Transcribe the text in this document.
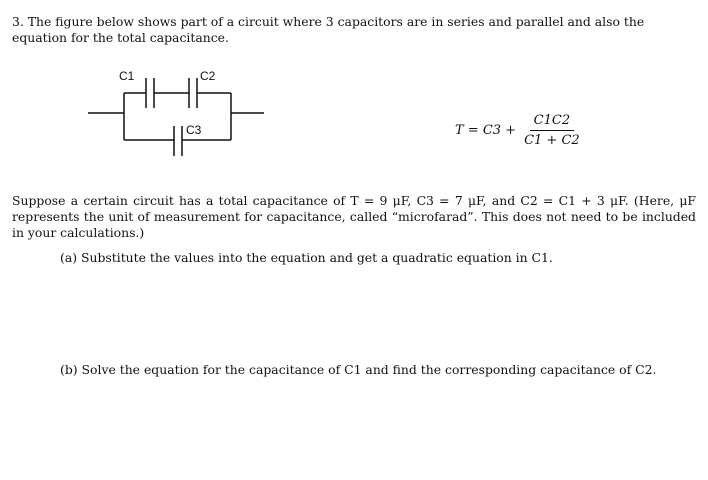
3. The figure below shows part of a circuit where 3 capacitors are in series and parallel and also the equation for the total capacitance.
C1	C2
C3	$T = C3 + \frac{C1C2}{C1 + C2}$
Suppose a certain circuit has a total capacitance of T = 9 μF, C3 = 7 μF, and C2 = C1 + 3 μF. (Here, μF represents the unit of measurement for capacitance, called “microfarad”. This does not need to be included in your calculations.)
(a) Substitute the values into the equation and get a quadratic equation in C1.
(b) Solve the equation for the capacitance of C1 and find the corresponding capacitance of C2.
